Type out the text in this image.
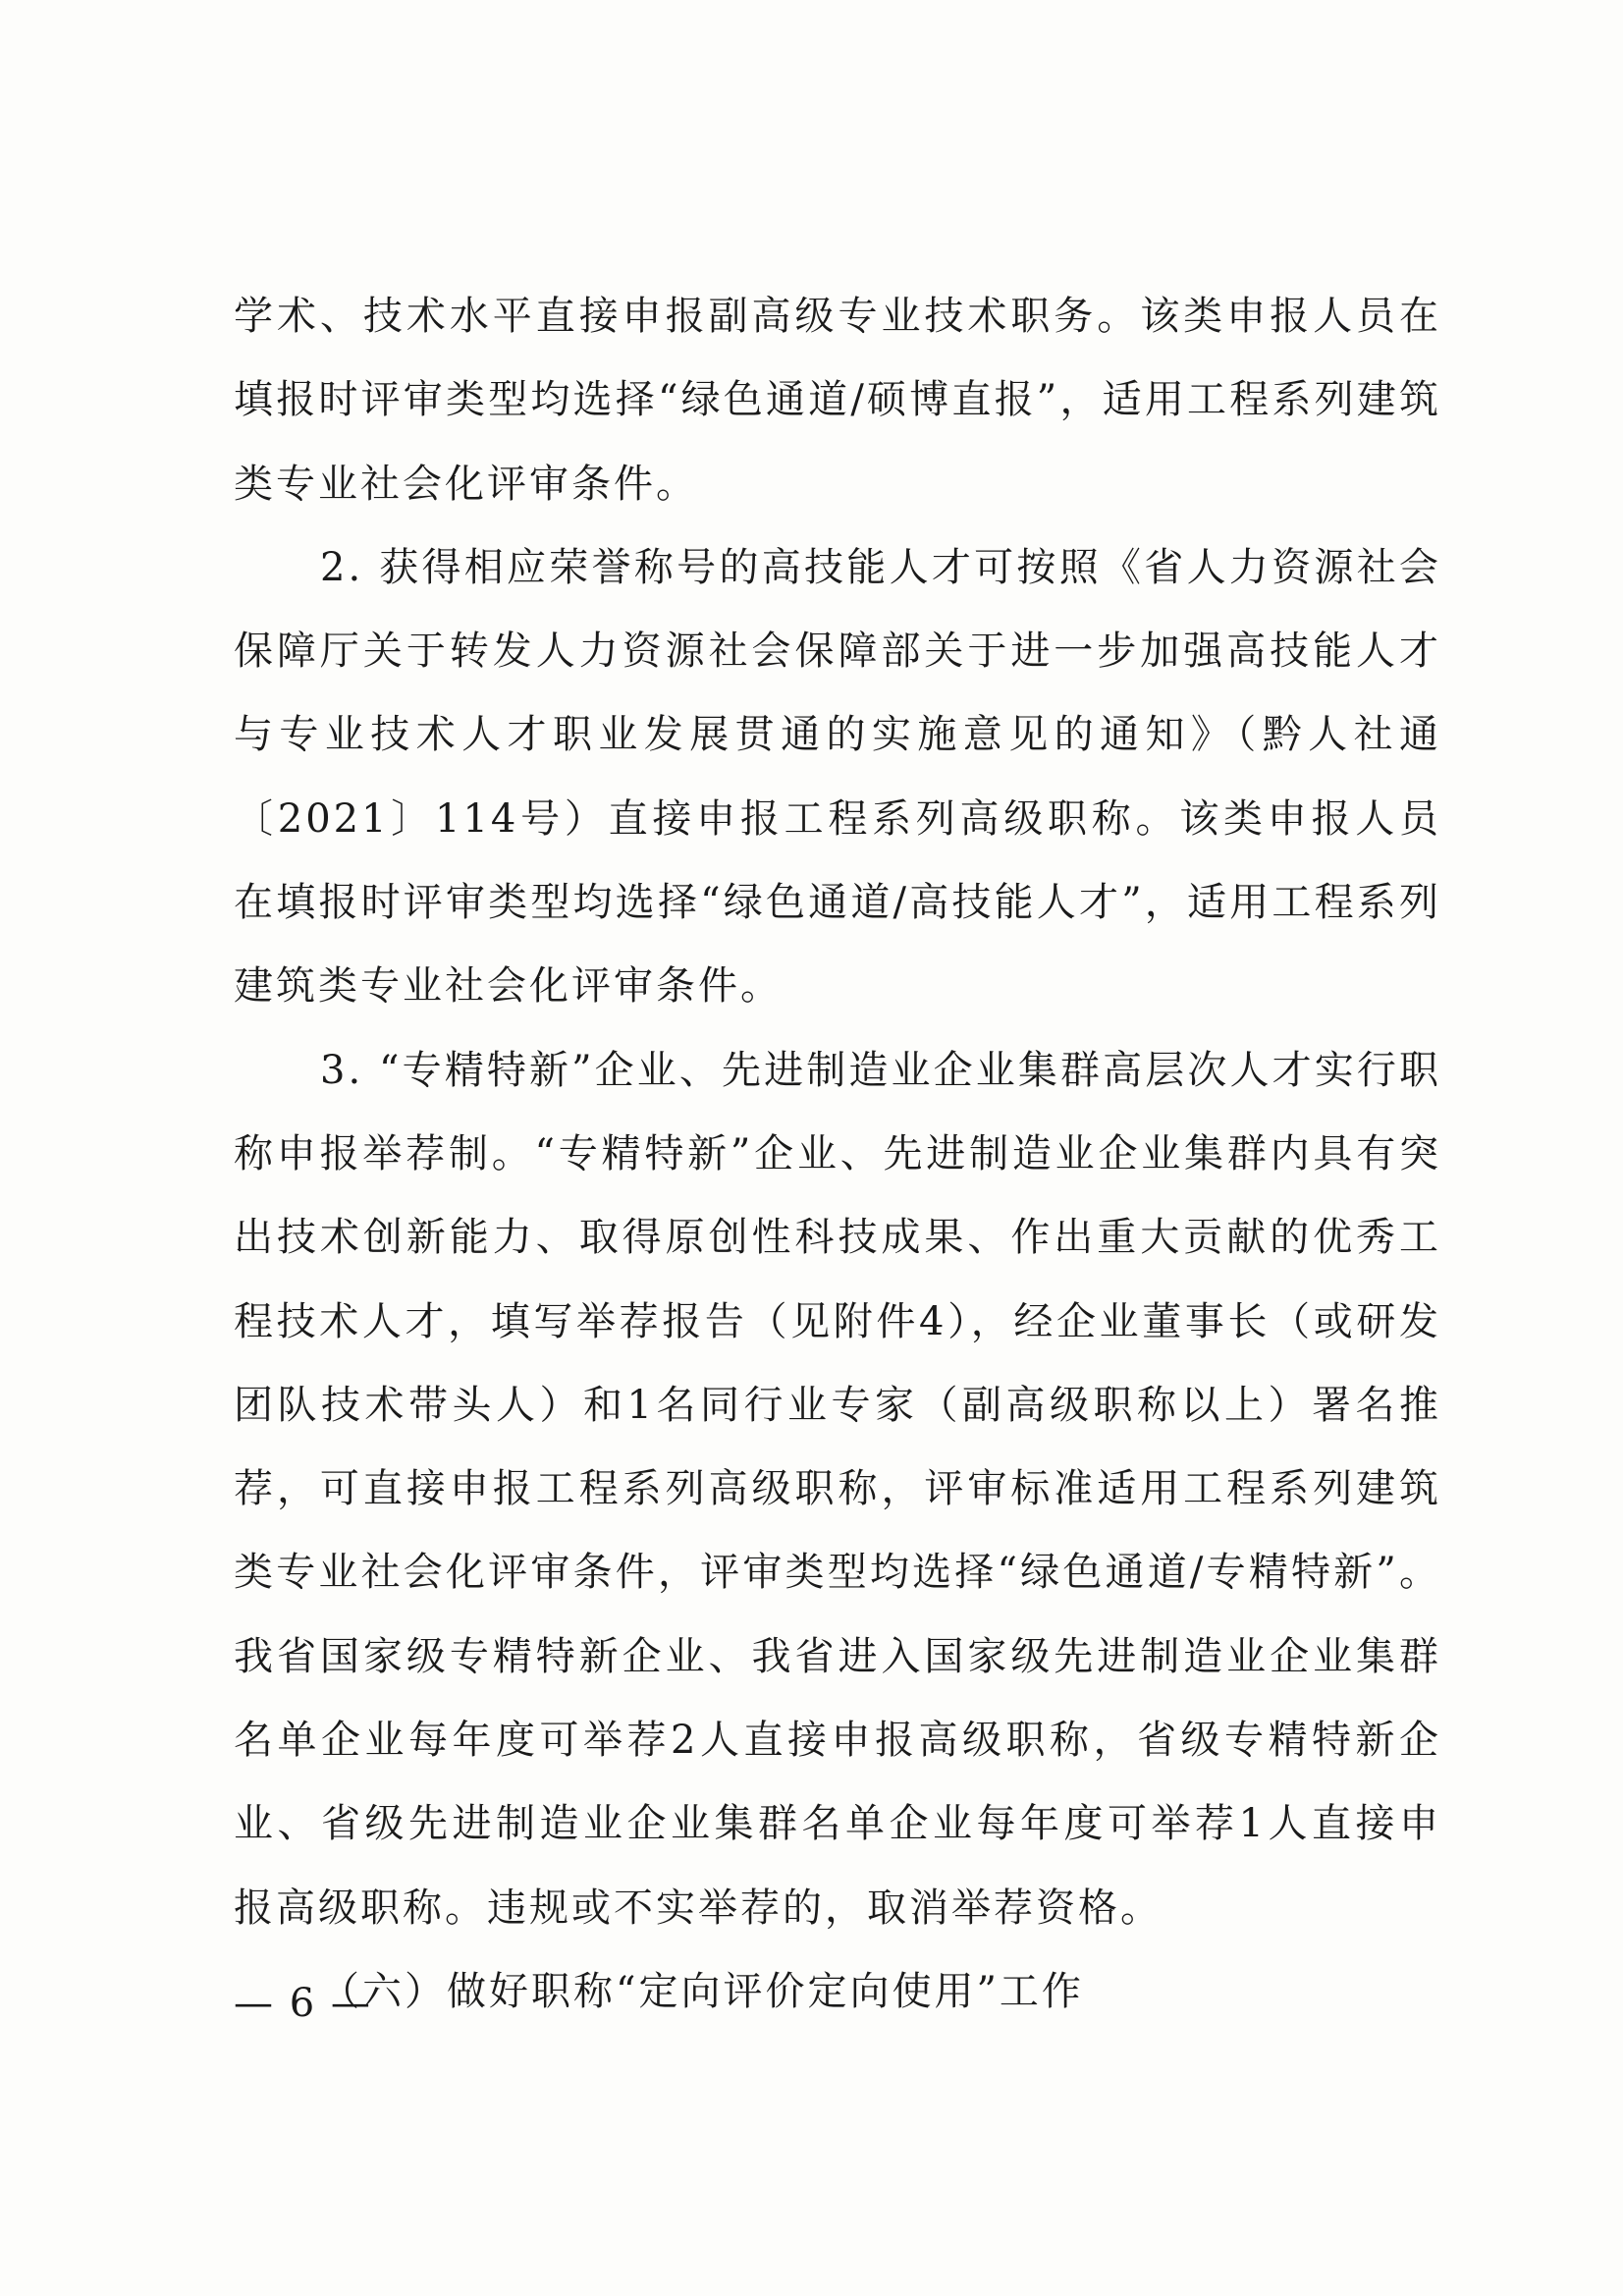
学术、技术水平直接申报副高级专业技术职务。该类申报人员在填报时评审类型均选择“绿色通道/硕博直报”，适用工程系列建筑类专业社会化评审条件。

2. 获得相应荣誉称号的高技能人才可按照《省人力资源社会保障厅关于转发人力资源社会保障部关于进一步加强高技能人才与专业技术人才职业发展贯通的实施意见的通知》（黔人社通〔2021〕114号）直接申报工程系列高级职称。该类申报人员在填报时评审类型均选择“绿色通道/高技能人才”，适用工程系列建筑类专业社会化评审条件。

3. “专精特新”企业、先进制造业企业集群高层次人才实行职称申报举荐制。“专精特新”企业、先进制造业企业集群内具有突出技术创新能力、取得原创性科技成果、作出重大贡献的优秀工程技术人才，填写举荐报告（见附件4），经企业董事长（或研发团队技术带头人）和1名同行业专家（副高级职称以上）署名推荐，可直接申报工程系列高级职称，评审标准适用工程系列建筑类专业社会化评审条件，评审类型均选择“绿色通道/专精特新”。我省国家级专精特新企业、我省进入国家级先进制造业企业集群名单企业每年度可举荐2人直接申报高级职称，省级专精特新企业、省级先进制造业企业集群名单企业每年度可举荐1人直接申报高级职称。违规或不实举荐的，取消举荐资格。

（六）做好职称“定向评价定向使用”工作

— 6 —
